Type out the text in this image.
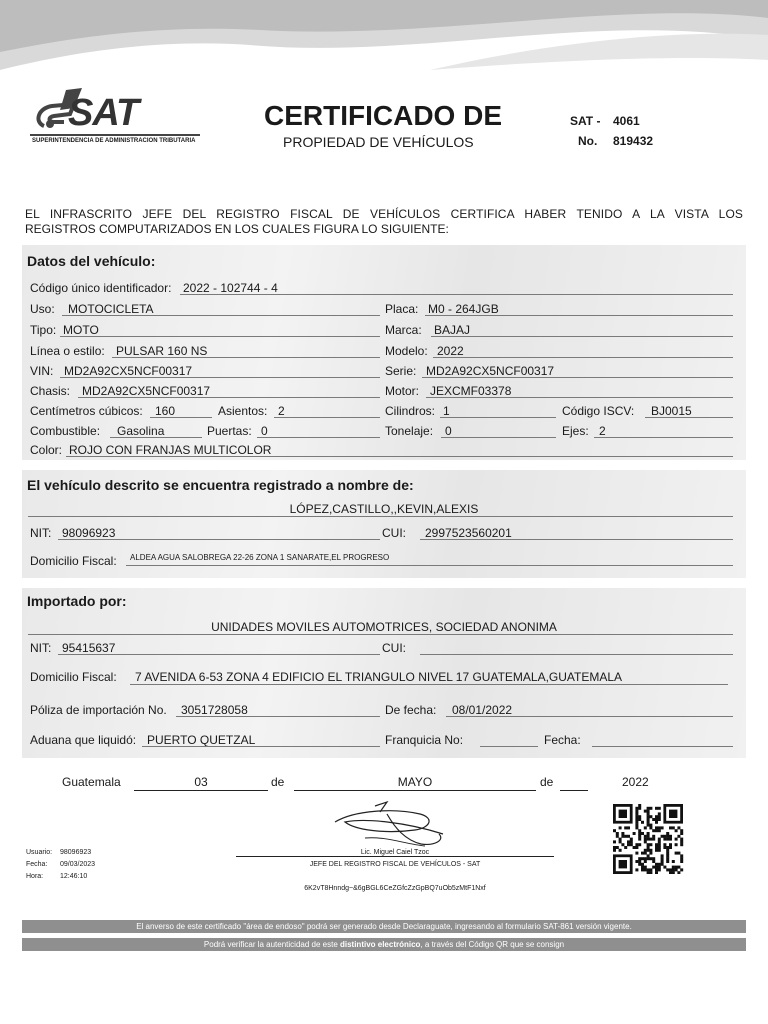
SAT
SUPERINTENDENCIA DE ADMINISTRACION TRIBUTARIA
CERTIFICADO DE
PROPIEDAD DE VEHÍCULOS
SAT - 4061
No. 819432
EL INFRASCRITO JEFE DEL REGISTRO FISCAL DE VEHÍCULOS CERTIFICA HABER TENIDO A LA VISTA LOS
REGISTROS COMPUTARIZADOS EN LOS CUALES FIGURA LO SIGUIENTE:
Datos del vehículo:
Código único identificador: 2022 - 102744 - 4
Uso: MOTOCICLETA	Placa: M0 - 264JGB
Tipo: MOTO	Marca: BAJAJ
Línea o estilo: PULSAR 160 NS	Modelo: 2022
VIN: MD2A92CX5NCF00317	Serie: MD2A92CX5NCF00317
Chasis: MD2A92CX5NCF00317	Motor: JEXCMF03378
Centímetros cúbicos: 160	Asientos: 2	Cilindros: 1	Código ISCV: BJ0015
Combustible: Gasolina	Puertas: 0	Tonelaje: 0	Ejes: 2
Color: ROJO CON FRANJAS MULTICOLOR
El vehículo descrito se encuentra registrado a nombre de:
LÓPEZ,CASTILLO,,KEVIN,ALEXIS
NIT: 98096923	CUI: 2997523560201
Domicilio Fiscal: ALDEA AGUA SALOBREGA 22-26 ZONA 1 SANARATE,EL PROGRESO
Importado por:
UNIDADES MOVILES AUTOMOTRICES, SOCIEDAD ANONIMA
NIT: 95415637	CUI:
Domicilio Fiscal: 7 AVENIDA 6-53 ZONA 4 EDIFICIO EL TRIANGULO NIVEL 17 GUATEMALA,GUATEMALA
Póliza de importación No. 3051728058	De fecha: 08/01/2022
Aduana que liquidó: PUERTO QUETZAL	Franquicia No:	Fecha:
Guatemala	03	de	MAYO	de	2022
Lic. Miguel Caiel Tzoc
JEFE DEL REGISTRO FISCAL DE VEHÍCULOS - SAT
6K2vT8Hnndg~&6gBGL6CeZGfcZzGpBQ7uOb5zMtF1Nxf
Usuario: 98096923
Fecha: 09/03/2023
Hora: 12:46:10
El anverso de este certificado "área de endoso" podrá ser generado desde Declaraguate, ingresando al formulario SAT-861 versión vigente.
Podrá verificar la autenticidad de este distintivo electrónico, a través del Código QR que se consign
